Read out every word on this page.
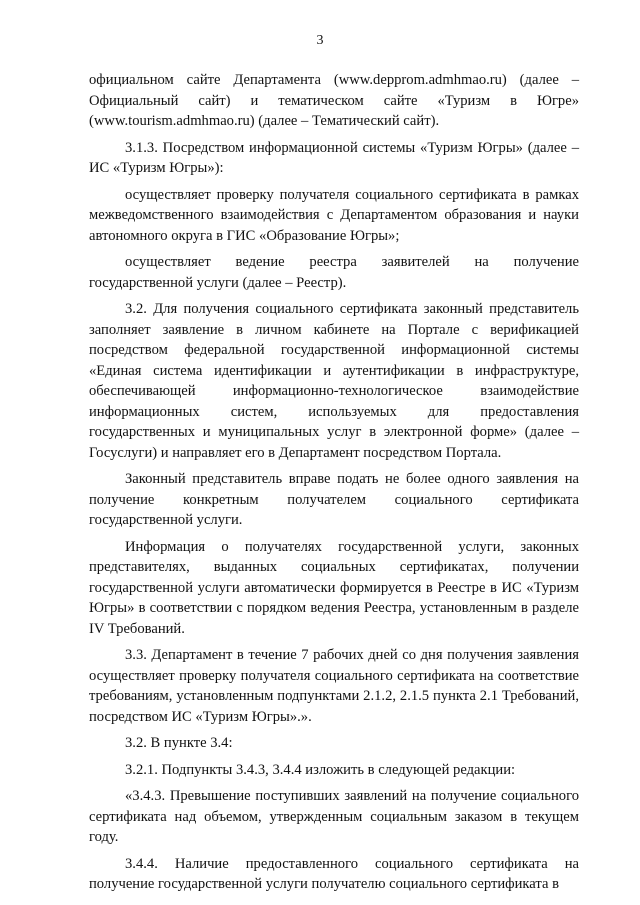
3

официальном сайте Департамента (www.depprom.admhmao.ru) (далее – Официальный сайт) и тематическом сайте «Туризм в Югре» (www.tourism.admhmao.ru) (далее – Тематический сайт).

3.1.3. Посредством информационной системы «Туризм Югры» (далее – ИС «Туризм Югры»):

осуществляет проверку получателя социального сертификата в рамках межведомственного взаимодействия с Департаментом образования и науки автономного округа в ГИС «Образование Югры»;

осуществляет ведение реестра заявителей на получение государственной услуги (далее – Реестр).

3.2. Для получения социального сертификата законный представитель заполняет заявление в личном кабинете на Портале с верификацией посредством федеральной государственной информационной системы «Единая система идентификации и аутентификации в инфраструктуре, обеспечивающей информационно-технологическое взаимодействие информационных систем, используемых для предоставления государственных и муниципальных услуг в электронной форме» (далее – Госуслуги) и направляет его в Департамент посредством Портала.

Законный представитель вправе подать не более одного заявления на получение конкретным получателем социального сертификата государственной услуги.

Информация о получателях государственной услуги, законных представителях, выданных социальных сертификатах, получении государственной услуги автоматически формируется в Реестре в ИС «Туризм Югры» в соответствии с порядком ведения Реестра, установленным в разделе IV Требований.

3.3. Департамент в течение 7 рабочих дней со дня получения заявления осуществляет проверку получателя социального сертификата на соответствие требованиям, установленным подпунктами 2.1.2, 2.1.5 пункта 2.1 Требований, посредством ИС «Туризм Югры».».

3.2. В пункте 3.4:

3.2.1. Подпункты 3.4.3, 3.4.4 изложить в следующей редакции:

«3.4.3. Превышение поступивших заявлений на получение социального сертификата над объемом, утвержденным социальным заказом в текущем году.

3.4.4. Наличие предоставленного социального сертификата на получение государственной услуги получателю социального сертификата в
